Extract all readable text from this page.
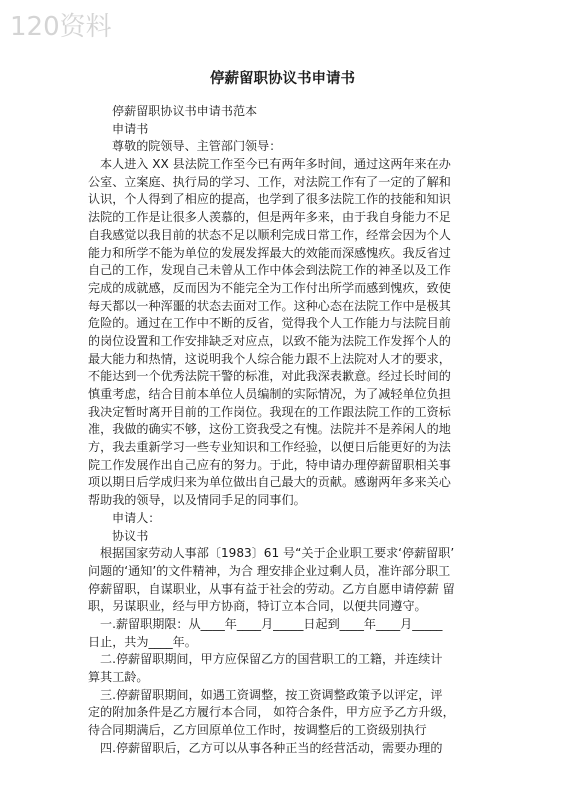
120资料
停薪留职协议书申请书
停薪留职协议书申请书范本
申请书
尊敬的院领导、主管部门领导：
本人进入 XX 县法院工作至今已有两年多时间，通过这两年来在办
公室、立案庭、执行局的学习、工作，对法院工作有了一定的了解和
认识，个人得到了相应的提高，也学到了很多法院工作的技能和知识
法院的工作是让很多人羡慕的，但是两年多来，由于我自身能力不足
自我感觉以我目前的状态不足以顺利完成日常工作，经常会因为个人
能力和所学不能为单位的发展发挥最大的效能而深感愧疚。我反省过
自己的工作，发现自己未曾从工作中体会到法院工作的神圣以及工作
完成的成就感，反而因为不能完全为工作付出所学而感到愧疚，致使
每天都以一种浑噩的状态去面对工作。这种心态在法院工作中是极其
危险的。通过在工作中不断的反省，觉得我个人工作能力与法院目前
的岗位设置和工作安排缺乏对应点，以致不能为法院工作发挥个人的
最大能力和热情，这说明我个人综合能力跟不上法院对人才的要求，
不能达到一个优秀法院干警的标准，对此我深表歉意。经过长时间的
慎重考虑，结合目前本单位人员编制的实际情况，为了减轻单位负担
我决定暂时离开目前的工作岗位。我现在的工作跟法院工作的工资标
准，我做的确实不够，这份工资我受之有愧。法院并不是养闲人的地
方，我去重新学习一些专业知识和工作经验，以便日后能更好的为法
院工作发展作出自己应有的努力。于此，特申请办理停薪留职相关事
项以期日后学成归来为单位做出自己最大的贡献。感谢两年多来关心
帮助我的领导，以及情同手足的同事们。
申请人：
协议书
根据国家劳动人事部〔1983〕61 号“关于企业职工要求‘停薪留职’
问题的‘通知’的文件精神，为合 理安排企业过剩人员，准许部分职工
停薪留职，自谋职业，从事有益于社会的劳动。乙方自愿申请停薪 留
职，另谋职业，经与甲方协商，特订立本合同，以便共同遵守。
一.薪留职期限：从____年____月_____日起到____年____月_____
日止，共为____年。
二.停薪留职期间，甲方应保留乙方的国营职工的工籍，并连续计
算其工龄。
三.停薪留职期间，如遇工资调整，按工资调整政策予以评定，评
定的附加条件是乙方履行本合同， 如符合条件，甲方应予乙方升级，
待合同期满后，乙方回原单位工作时，按调整后的工资级别执行
四.停薪留职后，乙方可以从事各种正当的经营活动，需要办理的
